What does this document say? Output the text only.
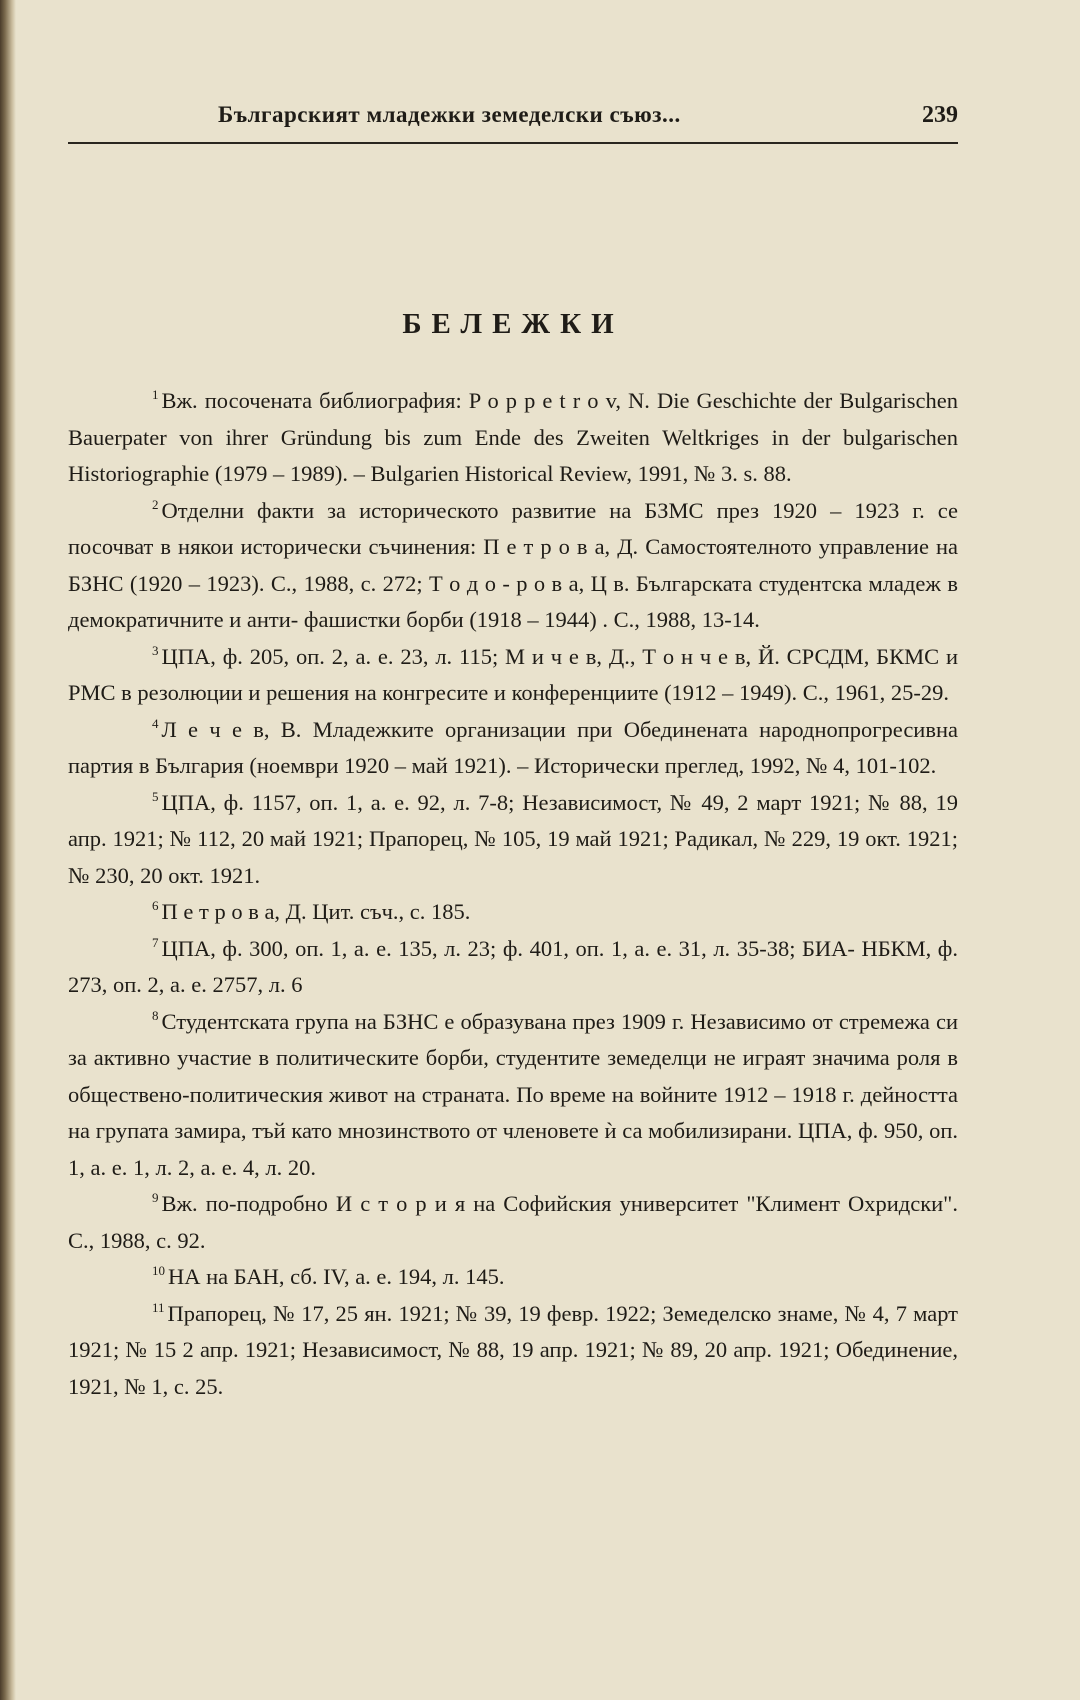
Българският младежки земеделски съюз...	239
БЕЛЕЖКИ

$^1$ Вж. посочената библиография: P o p p e t r o v, N. Die Geschichte der Bulgarischen Bauerpater von ihrer Gründung bis zum Ende des Zweiten Weltkriges in der bulgarischen Historiographie (1979 – 1989). – Bulgarien Historical Review, 1991, № 3. s. 88.

$^2$ Отделни факти за историческото развитие на БЗМС през 1920 – 1923 г. се посочват в някои исторически съчинения: П е т р о в а, Д. Самостоятелното управление на БЗНС (1920 – 1923). С., 1988, с. 272; Т о д о - р о в а, Ц в. Българската студентска младеж в демократичните и анти- фашистки борби (1918 – 1944) . С., 1988, 13-14.

$^3$ ЦПА, ф. 205, оп. 2, а. е. 23, л. 115; М и ч е в, Д., Т о н ч е в, Й. СРСДМ, БКМС и РМС в резолюции и решения на конгресите и конференциите (1912 – 1949). С., 1961, 25-29.

$^4$ Л е ч е в, В. Младежките организации при Обединената народнопрогресивна партия в България (ноември 1920 – май 1921). – Исторически преглед, 1992, № 4, 101-102.

$^5$ ЦПА, ф. 1157, оп. 1, а. е. 92, л. 7-8; Независимост, № 49, 2 март 1921; № 88, 19 апр. 1921; № 112, 20 май 1921; Прапорец, № 105, 19 май 1921; Радикал, № 229, 19 окт. 1921; № 230, 20 окт. 1921.

$^6$ П е т р о в а, Д. Цит. съч., с. 185.

$^7$ ЦПА, ф. 300, оп. 1, а. е. 135, л. 23; ф. 401, оп. 1, а. е. 31, л. 35-38; БИА- НБКМ, ф. 273, оп. 2, а. е. 2757, л. 6

$^8$ Студентската група на БЗНС е образувана през 1909 г. Независимо от стремежа си за активно участие в политическите борби, студентите земеделци не играят значима роля в обществено-политическия живот на страната. По време на войните 1912 – 1918 г. дейността на групата замира, тъй като мнозинството от членовете ѝ са мобилизирани. ЦПА, ф. 950, оп. 1, а. е. 1, л. 2, а. е. 4, л. 20.

$^9$ Вж. по-подробно И с т о р и я на Софийския университет "Климент Охридски". С., 1988, с. 92.

$^{10}$ НА на БАН, сб. IV, а. е. 194, л. 145.

$^{11}$ Прапорец, № 17, 25 ян. 1921; № 39, 19 февр. 1922; Земеделско знаме, № 4, 7 март 1921; № 15 2 апр. 1921; Независимост, № 88, 19 апр. 1921; № 89, 20 апр. 1921; Обединение, 1921, № 1, с. 25.
